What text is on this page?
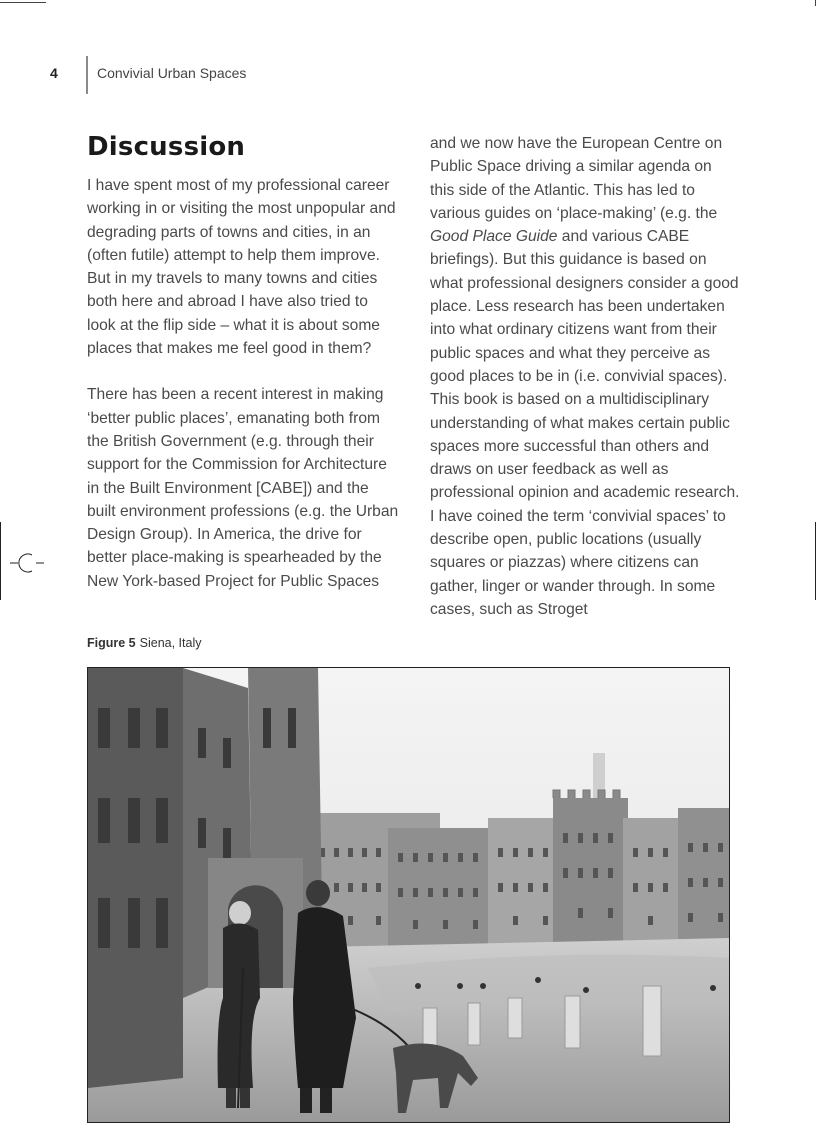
4	Convivial Urban Spaces
Discussion

I have spent most of my professional career working in or visiting the most unpopular and degrading parts of towns and cities, in an (often futile) attempt to help them improve. But in my travels to many towns and cities both here and abroad I have also tried to look at the flip side – what it is about some places that makes me feel good in them?

There has been a recent interest in making ‘better public places’, emanating both from the British Government (e.g. through their support for the Commission for Architecture in the Built Environment [CABE]) and the built environment professions (e.g. the Urban Design Group). In America, the drive for better place-making is spearheaded by the New York-based Project for Public Spaces

and we now have the European Centre on Public Space driving a similar agenda on this side of the Atlantic. This has led to various guides on ‘place-making’ (e.g. the Good Place Guide and various CABE briefings). But this guidance is based on what professional designers consider a good place. Less research has been undertaken into what ordinary citizens want from their public spaces and what they perceive as good places to be in (i.e. convivial spaces). This book is based on a multidisciplinary understanding of what makes certain public spaces more successful than others and draws on user feedback as well as professional opinion and academic research. I have coined the term ‘convivial spaces’ to describe open, public locations (usually squares or piazzas) where citizens can gather, linger or wander through. In some cases, such as Stroget

Figure 5 Siena, Italy
